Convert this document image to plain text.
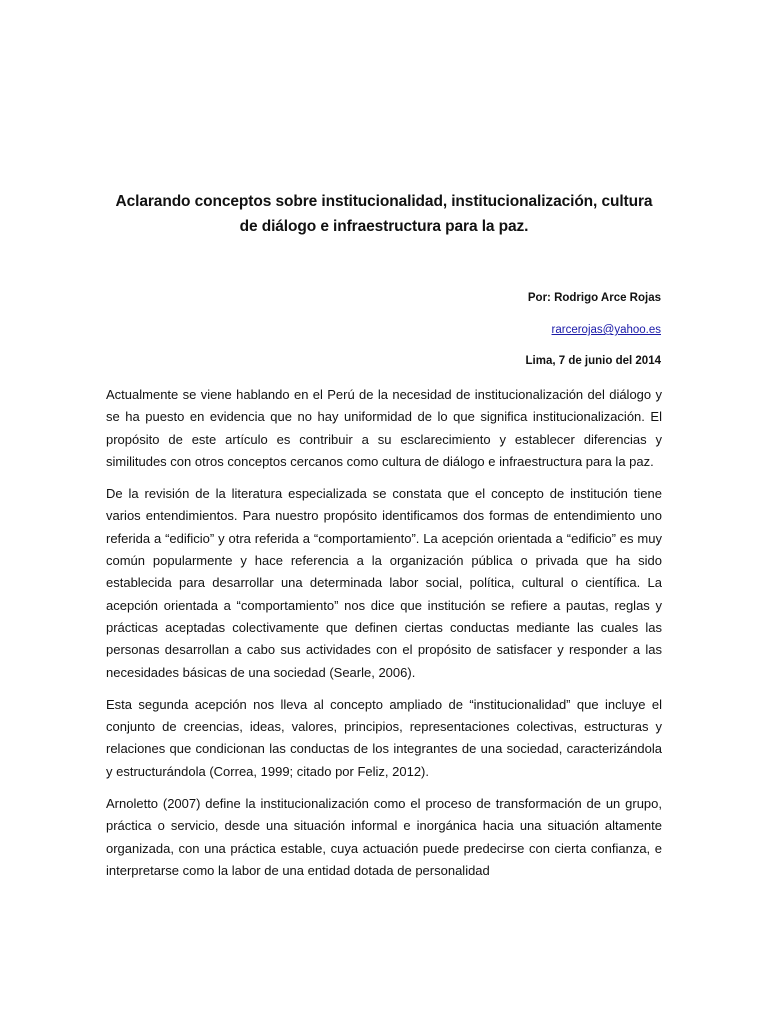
Aclarando conceptos sobre institucionalidad, institucionalización, cultura
de diálogo e infraestructura para la paz.
Por: Rodrigo Arce Rojas
rarcerojas@yahoo.es
Lima, 7 de junio del 2014

Actualmente se viene hablando en el Perú de la necesidad de institucionalización del diálogo y se ha puesto en evidencia que no hay uniformidad de lo que significa institucionalización. El propósito de este artículo es contribuir a su esclarecimiento y establecer diferencias y similitudes con otros conceptos cercanos como cultura de diálogo e infraestructura para la paz.

De la revisión de la literatura especializada se constata que el concepto de institución tiene varios entendimientos. Para nuestro propósito identificamos dos formas de entendimiento uno referida a “edificio” y otra referida a “comportamiento”. La acepción orientada a “edificio” es muy común popularmente y hace referencia a la organización pública o privada que ha sido establecida para desarrollar una determinada labor social, política, cultural o científica. La acepción orientada a “comportamiento” nos dice que institución se refiere a pautas, reglas y prácticas aceptadas colectivamente que definen ciertas conductas mediante las cuales las personas desarrollan a cabo sus actividades con el propósito de satisfacer y responder a las necesidades básicas de una sociedad (Searle, 2006).

Esta segunda acepción nos lleva al concepto ampliado de “institucionalidad” que incluye el conjunto de creencias, ideas, valores, principios, representaciones colectivas, estructuras y relaciones que condicionan las conductas de los integrantes de una sociedad, caracterizándola y estructurándola (Correa, 1999; citado por Feliz, 2012).

Arnoletto (2007) define la institucionalización como el proceso de transformación de un grupo, práctica o servicio, desde una situación informal e inorgánica hacia una situación altamente organizada, con una práctica estable, cuya actuación puede predecirse con cierta confianza, e interpretarse como la labor de una entidad dotada de personalidad
